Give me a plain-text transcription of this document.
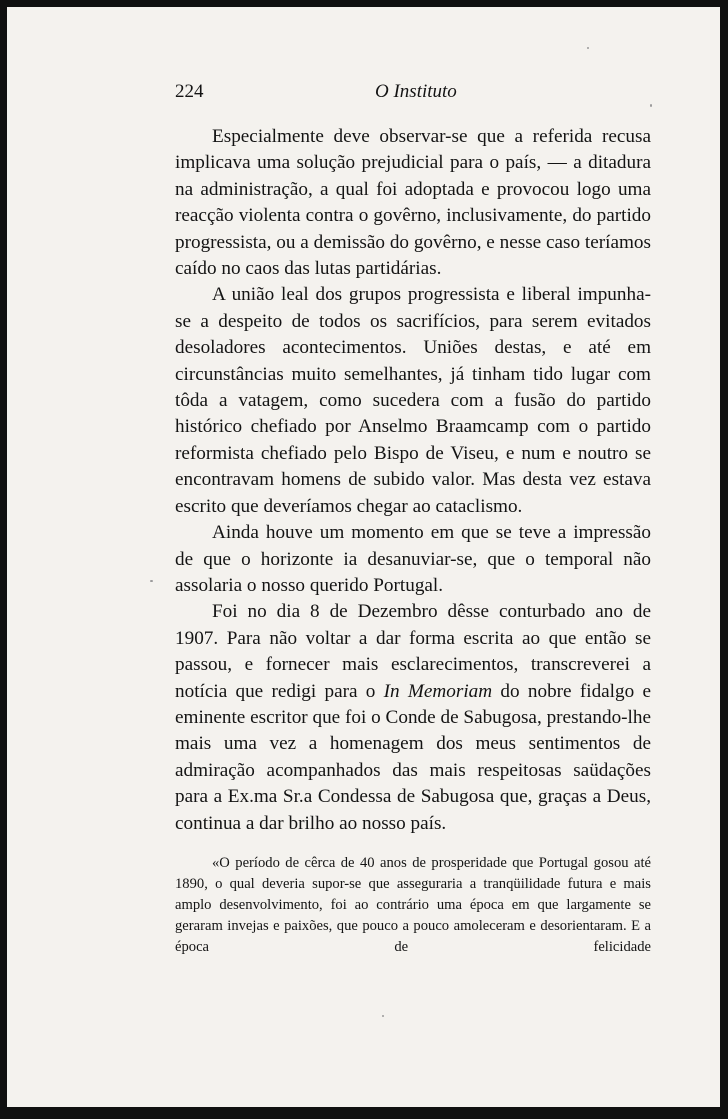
224	O Instituto

Especialmente deve observar-se que a referida recusa implicava uma solução prejudicial para o país, — a ditadura na administração, a qual foi adoptada e provocou logo uma reacção violenta contra o govêrno, inclusivamente, do partido progressista, ou a demissão do govêrno, e nesse caso teríamos caído no caos das lutas partidárias.

A união leal dos grupos progressista e liberal impunha-se a despeito de todos os sacrifícios, para serem evitados desoladores acontecimentos. Uniões destas, e até em circunstâncias muito semelhantes, já tinham tido lugar com tôda a vatagem, como sucedera com a fusão do partido histórico chefiado por Anselmo Braamcamp com o partido reformista chefiado pelo Bispo de Viseu, e num e noutro se encontravam homens de subido valor. Mas desta vez estava escrito que deveríamos chegar ao cataclismo.

Ainda houve um momento em que se teve a impressão de que o horizonte ia desanuviar-se, que o temporal não assolaria o nosso querido Portugal.

Foi no dia 8 de Dezembro dêsse conturbado ano de 1907. Para não voltar a dar forma escrita ao que então se passou, e fornecer mais esclarecimentos, transcreverei a notícia que redigi para o In Memoriam do nobre fidalgo e eminente escritor que foi o Conde de Sabugosa, prestando-lhe mais uma vez a homenagem dos meus sentimentos de admiração acompanhados das mais respeitosas saüdações para a Ex.ma Sr.a Condessa de Sabugosa que, graças a Deus, continua a dar brilho ao nosso país.

«O período de cêrca de 40 anos de prosperidade que Portugal gosou até 1890, o qual deveria supor-se que asseguraria a tranqüilidade futura e mais amplo desenvolvimento, foi ao contrário uma época em que largamente se geraram invejas e paixões, que pouco a pouco amoleceram e desorientaram. E a época de felicidade
